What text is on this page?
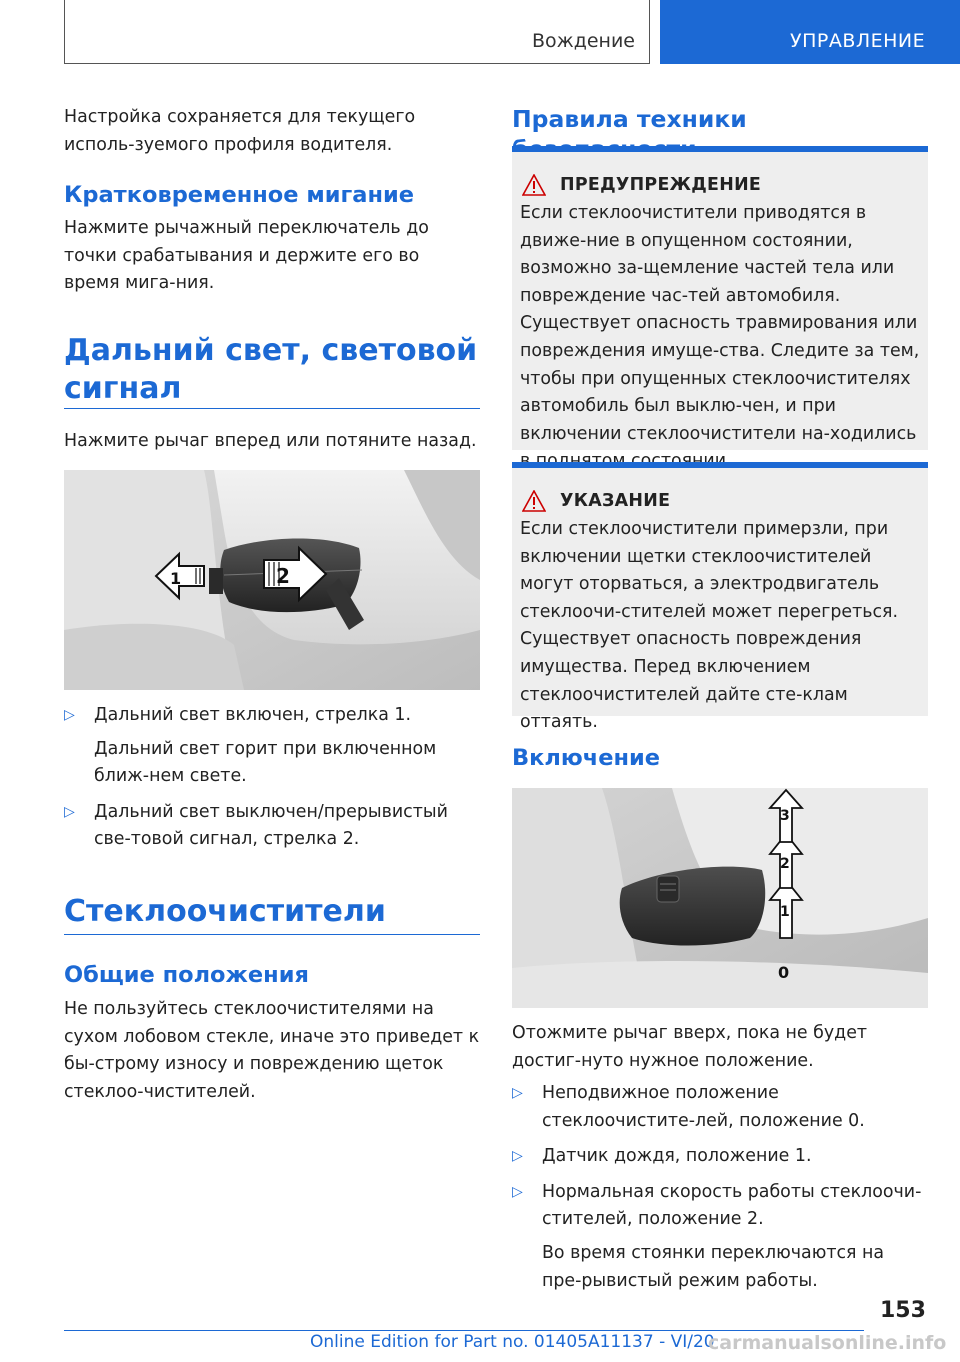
Вождение	УПРАВЛЕНИЕ

Настройка сохраняется для текущего исполь-зуемого профиля водителя.

Кратковременное мигание

Нажмите рычажный переключатель до точки срабатывания и держите его во время мига-ния.

Дальний свет, световой
сигнал

Нажмите рычаг вперед или потяните назад.

2
1
▷ Дальний свет включен, стрелка 1.
Дальний свет горит при включенном ближ-нем свете.
▷ Дальний свет выключен/прерывистый све-товой сигнал, стрелка 2.
Стеклоочистители
Общие положения

Не пользуйтесь стеклоочистителями на сухом лобовом стекле, иначе это приведет к бы-строму износу и повреждению щеток стеклоо-чистителей.

Правила техники
ПРЕДУПРЕЖДЕНИЕ

Если стеклоочистители приводятся в движе-ние в опущенном состоянии, возможно за-щемление частей тела или повреждение час-тей автомобиля. Существует опасность травмирования или повреждения имуще-ства. Следите за тем, чтобы при опущенных стеклоочистителях автомобиль был выклю-чен, и при включении стеклоочистители на-ходились

УКАЗАНИЕ

Если стеклоочистители примерзли, при включении щетки стеклоочистителей могут оторваться, а электродвигатель стеклоочи-стителей может перегреться. Существует опасность повреждения имущества. Перед включением стеклоочистителей дайте сте-клам оттаять.

Включение
3
2
1
0

Отожмите рычаг вверх, пока не будет достиг-нуто нужное положение.

▷ Неподвижное положение стеклоочистите-лей, положение 0.
▷ Датчик дождя, положение 1.
▷ Нормальная скорость работы стеклоочи-стителей, положение 2.
Во время стоянки переключаются на пре-рывистый режим работы.
153
Online Edition for Part no. 01405A11137 - VI/20
carmanualsonline.info
